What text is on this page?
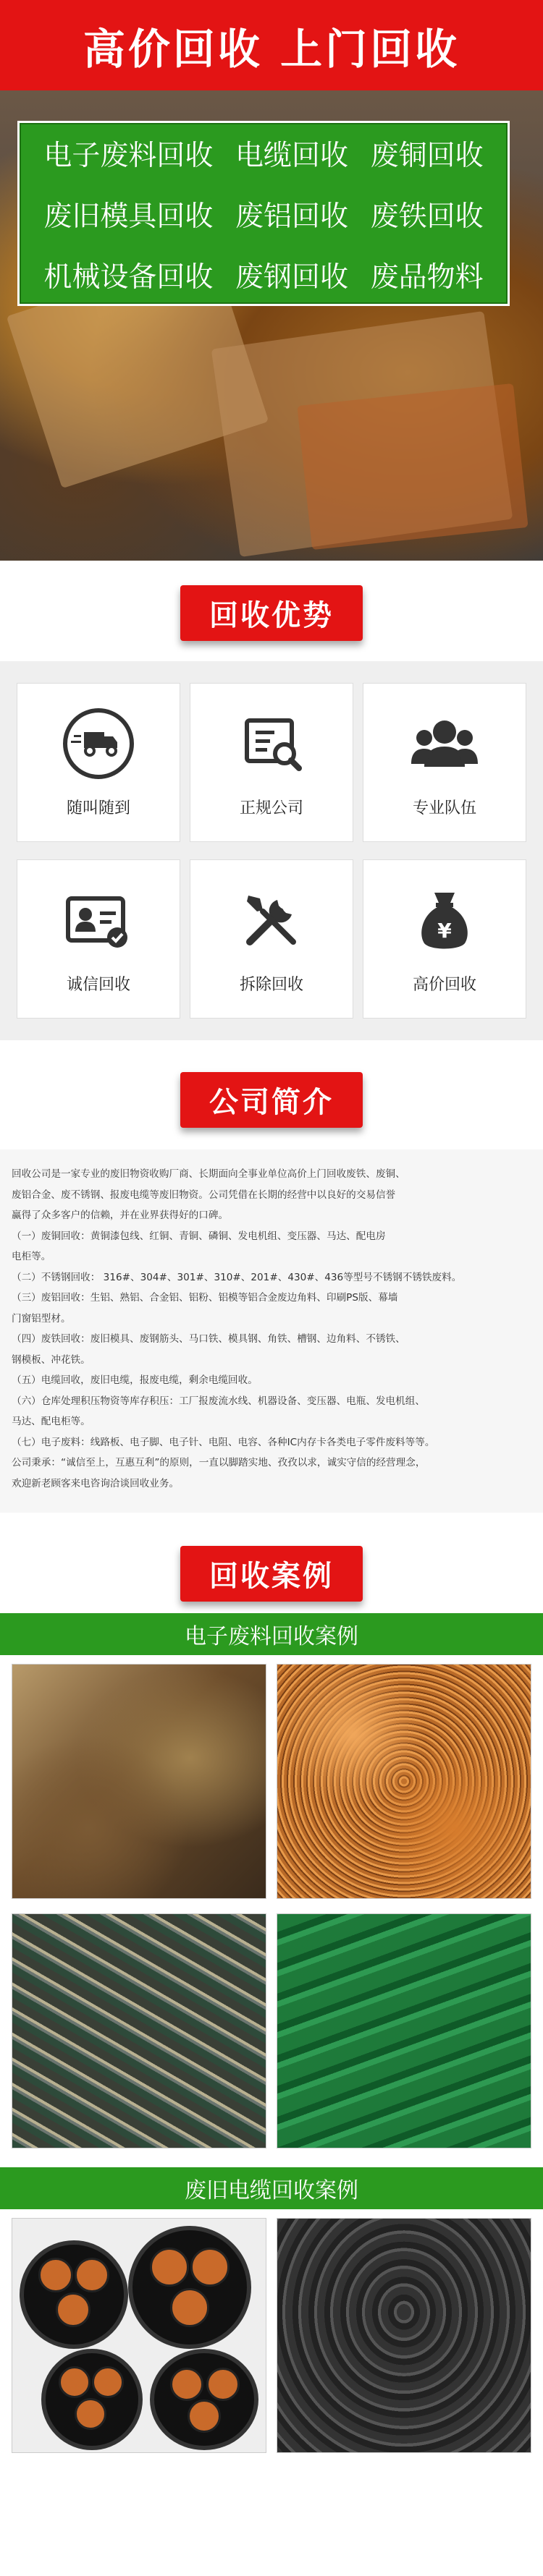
高价回收 上门回收
电子废料回收 电缆回收 废铜回收
废旧模具回收 废铝回收 废铁回收
机械设备回收 废钢回收 废品物料
回收优势
随叫随到	正规公司	专业队伍
诚信回收	拆除回收
¥
高价回收
公司简介

回收公司是一家专业的废旧物资收购厂商、长期面向全事业单位高价上门回收废铁、废铜、

废铝合金、废不锈钢、报废电缆等废旧物资。公司凭借在长期的经营中以良好的交易信誉

赢得了众多客户的信赖，并在业界获得好的口碑。

（一）废铜回收：黄铜漆包线、红铜、青铜、磷铜、发电机组、变压器、马达、配电房

电柜等。

（二）不锈钢回收： 316#、304#、301#、310#、201#、430#、436等型号不锈钢不锈铁废料。

（三）废铝回收：生铝、熟铝、合金铝、铝粉、铝模等铝合金废边角料、印刷PS版、幕墙

门窗铝型材。

（四）废铁回收：废旧模具、废钢筋头、马口铁、模具钢、角铁、槽钢、边角料、不锈铁、

钢模板、冲花铁。

（五）电缆回收，废旧电缆，报废电缆，剩余电缆回收。

（六）仓库处理积压物资等库存积压：工厂报废流水线、机器设备、变压器、电瓶、发电机组、

马达、配电柜等。

（七）电子废料：线路板、电子脚、电子针、电阻、电容、各种IC内存卡各类电子零件废料等等。

公司秉承：“诚信至上，互惠互利”的原则，一直以脚踏实地、孜孜以求，诚实守信的经营理念，

欢迎新老顾客来电咨询洽谈回收业务。

回收案例
电子废料回收案例
废旧电缆回收案例
